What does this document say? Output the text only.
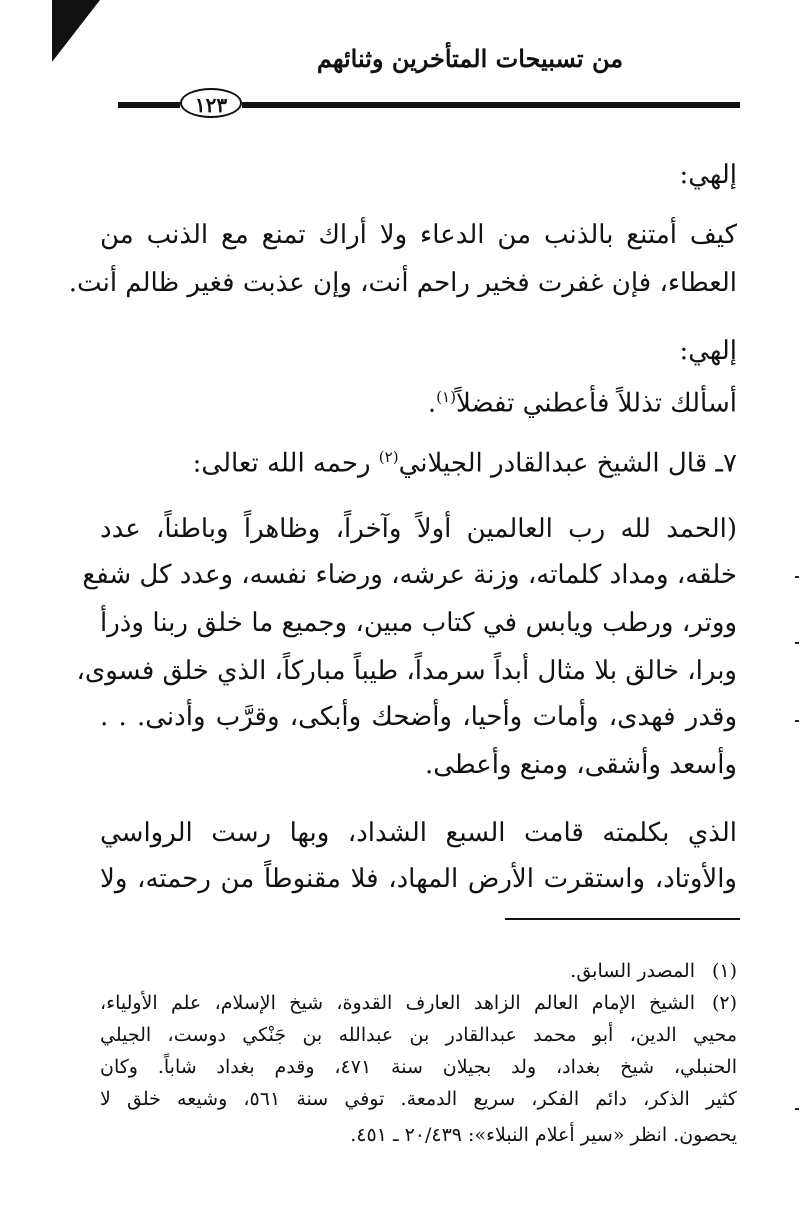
من تسبيحات المتأخرين وثنائهم
١٢٣
إلهي:
كيف أمتنع بالذنب من الدعاء ولا أراك تمنع مع الذنب من
العطاء، فإن غفرت فخير راحم أنت، وإن عذبت فغير ظالم أنت.
إلهي:
أسألك تذللاً فأعطني تفضلاً$^{(١)}$.
٧ـ قال الشيخ عبدالقادر الجيلاني$^{(٢)}$ رحمه الله تعالى:
(الحمد لله رب العالمين أولاً وآخراً، وظاهراً وباطناً، عدد
خلقه، ومداد كلماته، وزنة عرشه، ورضاء نفسه، وعدد كل شفع
ووتر، ورطب ويابس في كتاب مبين، وجميع ما خلق ربنا وذرأ
وبرا، خالق بلا مثال أبداً سرمداً، طيباً مباركاً، الذي خلق فسوى،
وقدر فهدى، وأمات وأحيا، وأضحك وأبكى، وقرَّب وأدنى. . .
وأسعد وأشقى، ومنع وأعطى.
الذي بكلمته قامت السبع الشداد، وبها رست الرواسي
والأوتاد، واستقرت الأرض المهاد، فلا مقنوطاً من رحمته، ولا
(١)
المصدر السابق.
(٢)
الشيخ الإمام العالم الزاهد العارف القدوة، شيخ الإسلام، علم الأولياء،
محيي الدين، أبو محمد عبدالقادر بن عبدالله بن جَنْكي دوست، الجيلي
الحنبلي، شيخ بغداد، ولد بجيلان سنة ٤٧١، وقدم بغداد شاباً. وكان
كثير الذكر، دائم الفكر، سريع الدمعة. توفي سنة ٥٦١، وشيعه خلق لا
يحصون. انظر «سير أعلام النبلاء»: ٢٠/٤٣٩ ـ ٤٥١.
